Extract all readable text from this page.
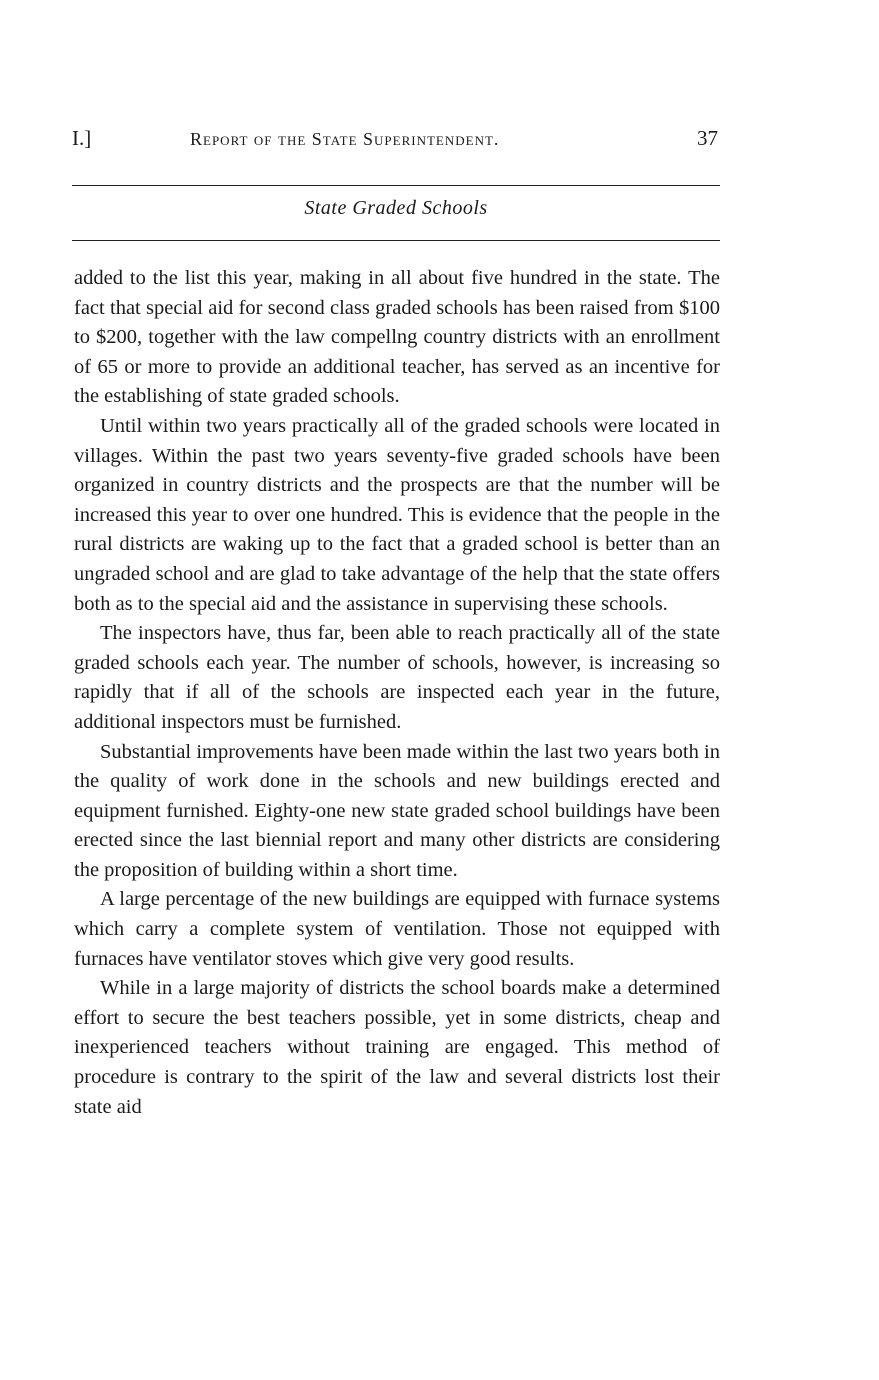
I.]	Report of the State Superintendent.	37
State Graded Schools

added to the list this year, making in all about five hundred in the state. The fact that special aid for second class graded schools has been raised from $100 to $200, together with the law compellng country districts with an enrollment of 65 or more to provide an additional teacher, has served as an incentive for the establishing of state graded schools.

Until within two years practically all of the graded schools were located in villages. Within the past two years seventy-five graded schools have been organized in country districts and the prospects are that the number will be increased this year to over one hundred. This is evidence that the people in the rural districts are waking up to the fact that a graded school is better than an ungraded school and are glad to take advantage of the help that the state offers both as to the special aid and the assistance in supervising these schools.

The inspectors have, thus far, been able to reach practically all of the state graded schools each year. The number of schools, however, is increasing so rapidly that if all of the schools are inspected each year in the future, additional inspectors must be furnished.

Substantial improvements have been made within the last two years both in the quality of work done in the schools and new buildings erected and equipment furnished. Eighty-one new state graded school buildings have been erected since the last biennial report and many other districts are considering the proposition of building within a short time.

A large percentage of the new buildings are equipped with furnace systems which carry a complete system of ventilation. Those not equipped with furnaces have ventilator stoves which give very good results.

While in a large majority of districts the school boards make a determined effort to secure the best teachers possible, yet in some districts, cheap and inexperienced teachers without training are engaged. This method of procedure is contrary to the spirit of the law and several districts lost their state aid
